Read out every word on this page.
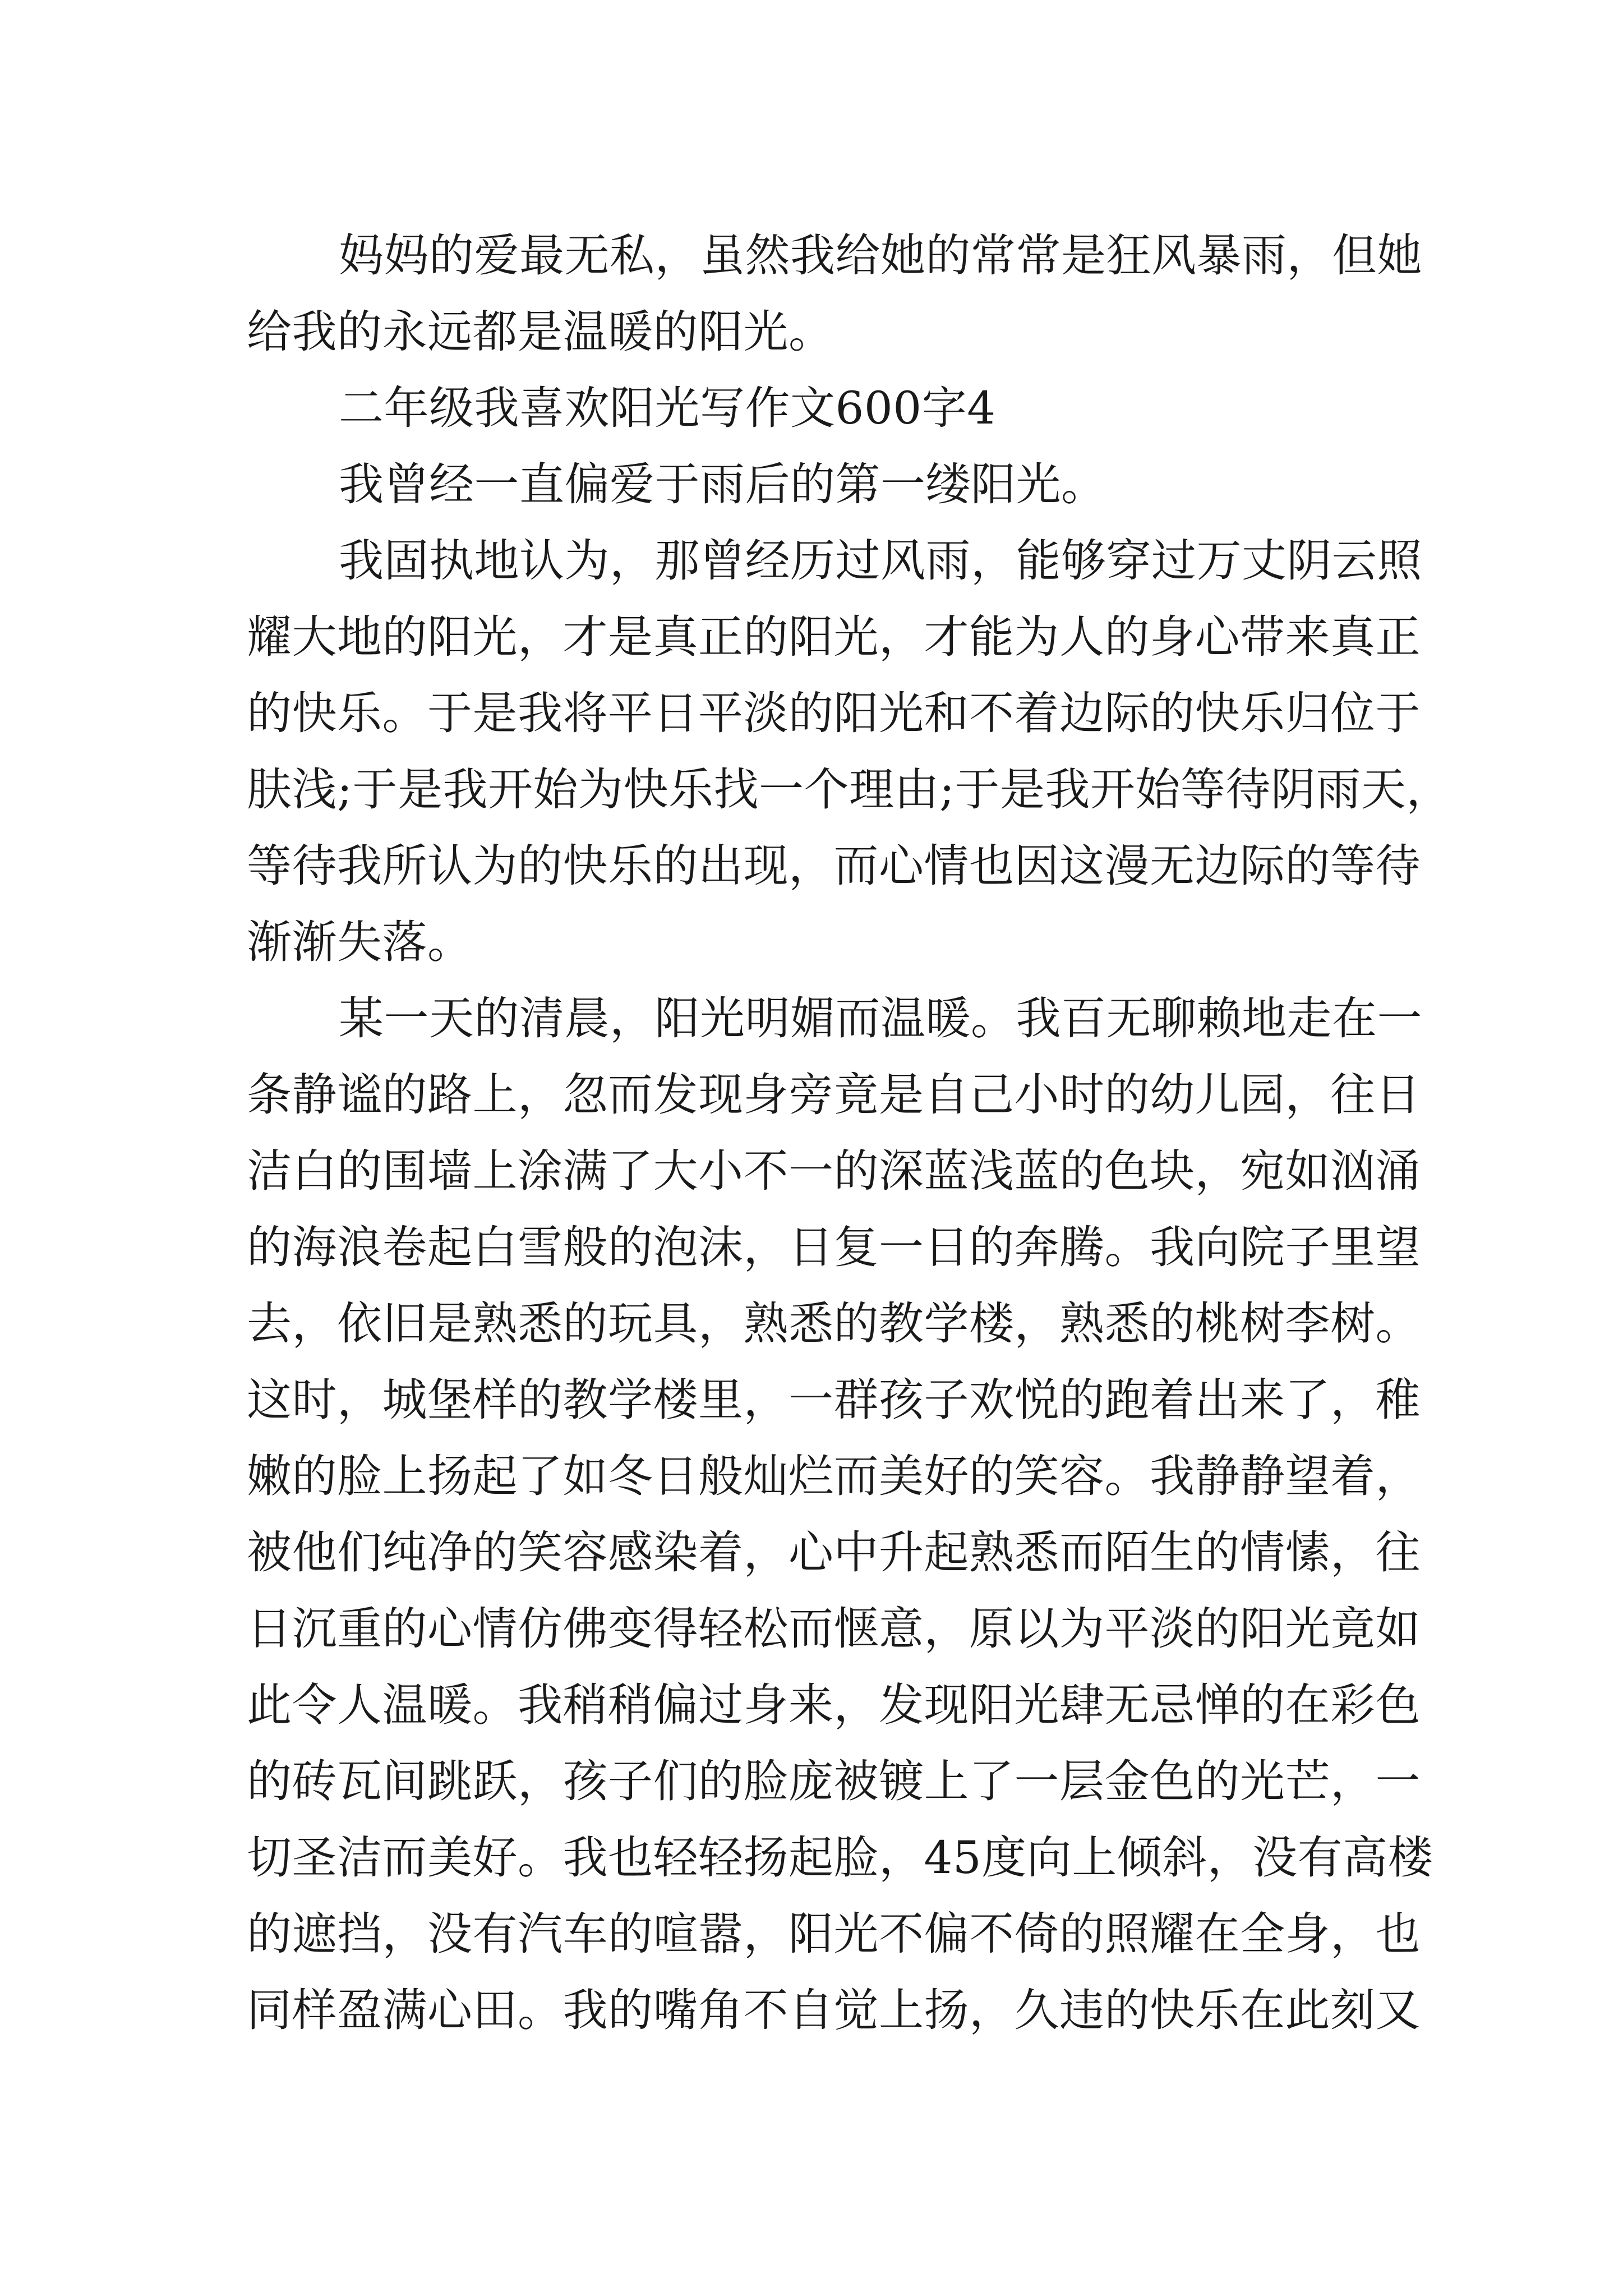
妈妈的爱最无私，虽然我给她的常常是狂风暴雨，但她
给我的永远都是温暖的阳光。
二年级我喜欢阳光写作文600字4
我曾经一直偏爱于雨后的第一缕阳光。
我固执地认为，那曾经历过风雨，能够穿过万丈阴云照
耀大地的阳光，才是真正的阳光，才能为人的身心带来真正
的快乐。于是我将平日平淡的阳光和不着边际的快乐归位于
肤浅;于是我开始为快乐找一个理由;于是我开始等待阴雨天，
等待我所认为的快乐的出现，而心情也因这漫无边际的等待
渐渐失落。
某一天的清晨，阳光明媚而温暖。我百无聊赖地走在一
条静谧的路上，忽而发现身旁竟是自己小时的幼儿园，往日
洁白的围墙上涂满了大小不一的深蓝浅蓝的色块，宛如汹涌
的海浪卷起白雪般的泡沫，日复一日的奔腾。我向院子里望
去，依旧是熟悉的玩具，熟悉的教学楼，熟悉的桃树李树。
这时，城堡样的教学楼里，一群孩子欢悦的跑着出来了，稚
嫩的脸上扬起了如冬日般灿烂而美好的笑容。我静静望着，
被他们纯净的笑容感染着，心中升起熟悉而陌生的情愫，往
日沉重的心情仿佛变得轻松而惬意，原以为平淡的阳光竟如
此令人温暖。我稍稍偏过身来，发现阳光肆无忌惮的在彩色
的砖瓦间跳跃，孩子们的脸庞被镀上了一层金色的光芒，一
切圣洁而美好。我也轻轻扬起脸，45度向上倾斜，没有高楼
的遮挡，没有汽车的喧嚣，阳光不偏不倚的照耀在全身，也
同样盈满心田。我的嘴角不自觉上扬，久违的快乐在此刻又
